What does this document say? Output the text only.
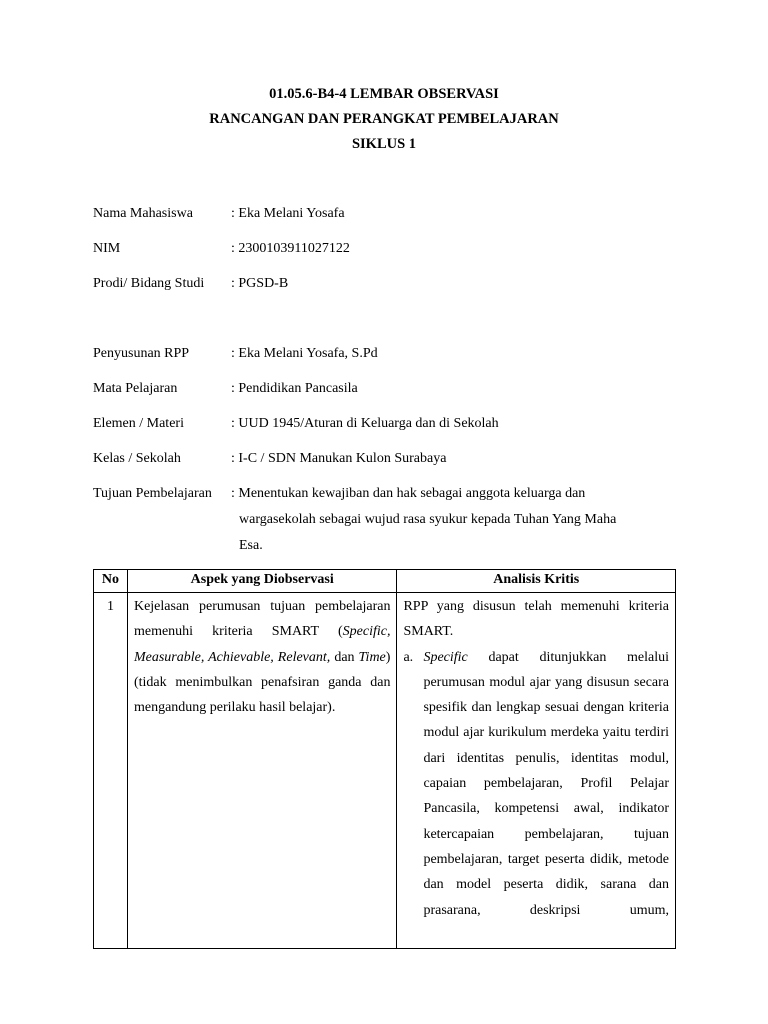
01.05.6-B4-4 LEMBAR OBSERVASI
RANCANGAN DAN PERANGKAT PEMBELAJARAN
SIKLUS 1
Nama Mahasiswa	: Eka Melani Yosafa
NIM	: 2300103911027122
Prodi/ Bidang Studi : PGSD-B
Penyusunan RPP	: Eka Melani Yosafa, S.Pd
Mata Pelajaran	: Pendidikan Pancasila
Elemen / Materi	: UUD 1945/Aturan di Keluarga dan di Sekolah
Kelas / Sekolah	: I-C / SDN Manukan Kulon Surabaya
Tujuan Pembelajaran : Menentukan kewajiban dan hak sebagai anggota keluarga dan wargasekolah sebagai wujud rasa syukur kepada Tuhan Yang Maha Esa.
No	Aspek yang Diobservasi	Analisis Kritis
1	Kejelasan perumusan tujuan pembelajaran memenuhi kriteria SMART (Specific, Measurable, Achievable, Relevant, dan Time) (tidak menimbulkan penafsiran ganda dan mengandung perilaku hasil belajar).	RPP yang disusun telah memenuhi kriteria SMART.
a. Specific dapat ditunjukkan melalui perumusan modul ajar yang disusun secara spesifik dan lengkap sesuai dengan kriteria modul ajar kurikulum merdeka yaitu terdiri dari identitas penulis, identitas modul, capaian pembelajaran, Profil Pelajar Pancasila, kompetensi awal, indikator ketercapaian pembelajaran, tujuan pembelajaran, target peserta didik, metode dan model peserta didik, sarana dan prasarana, deskripsi umum,
